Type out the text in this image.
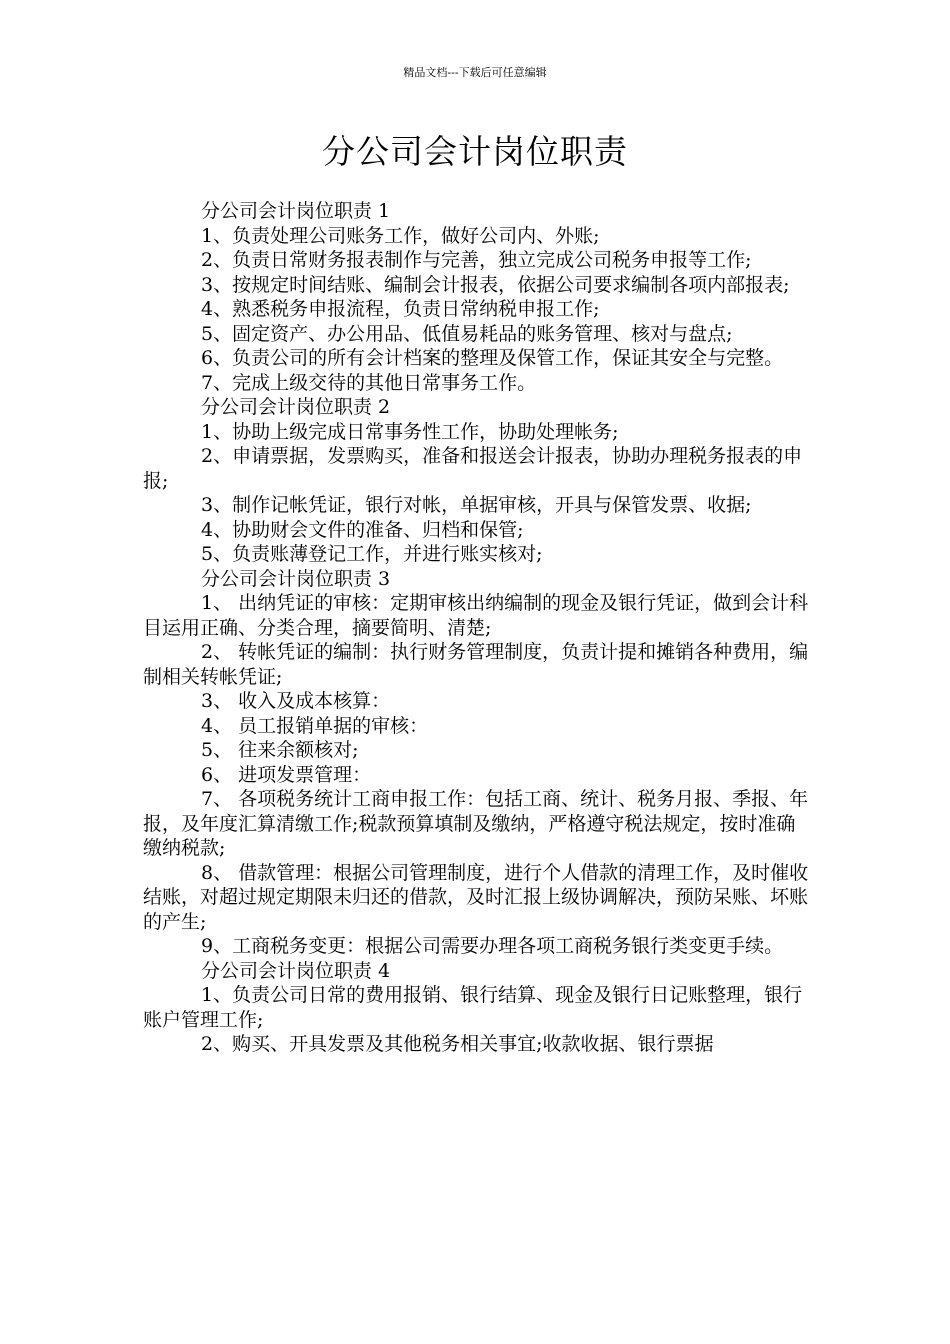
精品文档---下载后可任意编辑
分公司会计岗位职责

分公司会计岗位职责 1

1、负责处理公司账务工作，做好公司内、外账;

2、负责日常财务报表制作与完善，独立完成公司税务申报等工作;

3、按规定时间结账、编制会计报表，依据公司要求编制各项内部报表;

4、熟悉税务申报流程，负责日常纳税申报工作;

5、固定资产、办公用品、低值易耗品的账务管理、核对与盘点;

6、负责公司的所有会计档案的整理及保管工作，保证其安全与完整。

7、完成上级交待的其他日常事务工作。

分公司会计岗位职责 2

1、协助上级完成日常事务性工作，协助处理帐务;

2、申请票据，发票购买，准备和报送会计报表，协助办理税务报表的申报;

3、制作记帐凭证，银行对帐，单据审核，开具与保管发票、收据;

4、协助财会文件的准备、归档和保管;

5、负责账薄登记工作，并进行账实核对;

分公司会计岗位职责 3

1、 出纳凭证的审核：定期审核出纳编制的现金及银行凭证，做到会计科目运用正确、分类合理，摘要简明、清楚;

2、 转帐凭证的编制：执行财务管理制度，负责计提和摊销各种费用，编制相关转帐凭证;

3、 收入及成本核算：

4、 员工报销单据的审核：

5、 往来余额核对;

6、 进项发票管理：

7、 各项税务统计工商申报工作：包括工商、统计、税务月报、季报、年报，及年度汇算清缴工作;税款预算填制及缴纳，严格遵守税法规定，按时准确缴纳税款;

8、 借款管理：根据公司管理制度，进行个人借款的清理工作，及时催收结账，对超过规定期限未归还的借款，及时汇报上级协调解决，预防呆账、坏账的产生;

9、工商税务变更：根据公司需要办理各项工商税务银行类变更手续。

分公司会计岗位职责 4

1、负责公司日常的费用报销、银行结算、现金及银行日记账整理，银行账户管理工作;

2、购买、开具发票及其他税务相关事宜;收款收据、银行票据
